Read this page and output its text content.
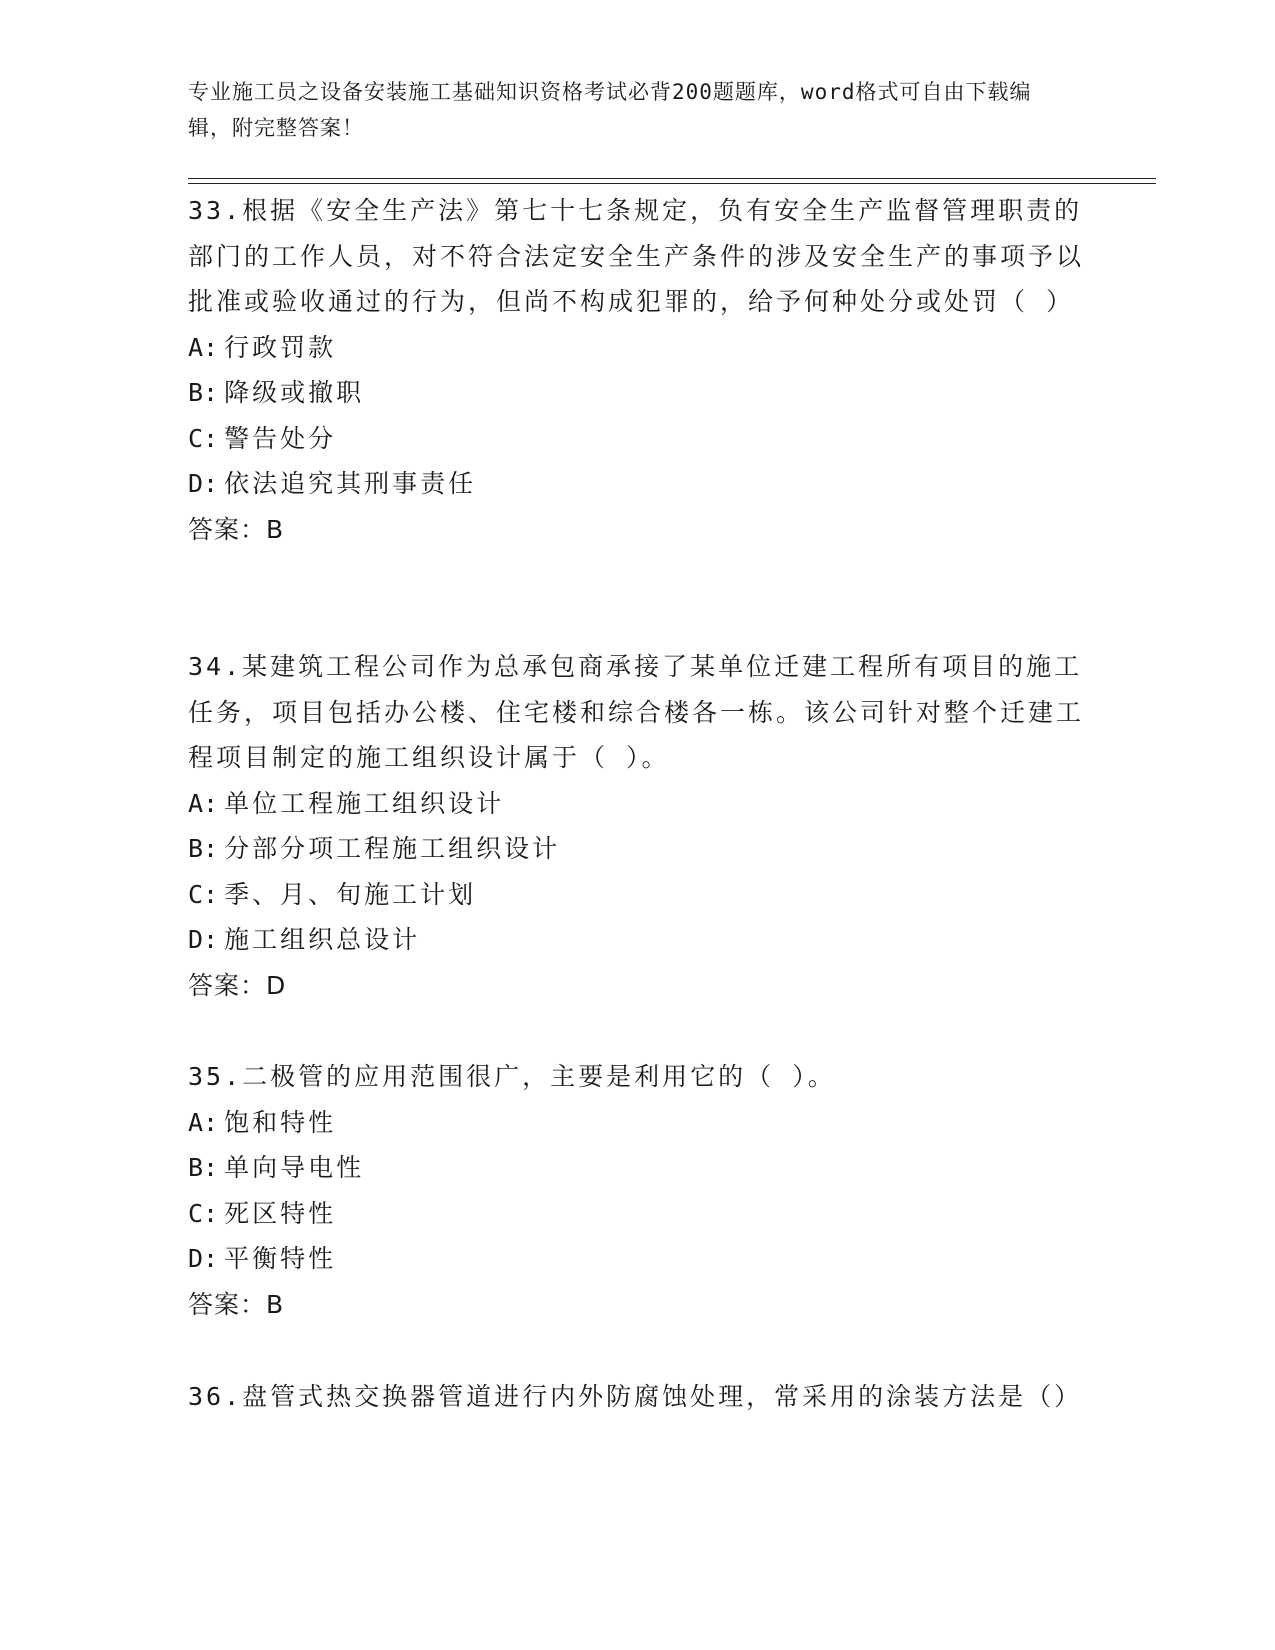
专业施工员之设备安装施工基础知识资格考试必背200题题库，word格式可自由下载编辑，附完整答案！

33.根据《安全生产法》第七十七条规定，负有安全生产监督管理职责的部门的工作人员，对不符合法定安全生产条件的涉及安全生产的事项予以批准或验收通过的行为，但尚不构成犯罪的，给予何种处分或处罚（ ）

A: 行政罚款
B: 降级或撤职
C: 警告处分
D: 依法追究其刑事责任
答案：B

34.某建筑工程公司作为总承包商承接了某单位迁建工程所有项目的施工任务，项目包括办公楼、住宅楼和综合楼各一栋。该公司针对整个迁建工程项目制定的施工组织设计属于（ ）。

A: 单位工程施工组织设计
B: 分部分项工程施工组织设计
C: 季、月、旬施工计划
D: 施工组织总设计
答案：D

35.二极管的应用范围很广，主要是利用它的（ ）。

A: 饱和特性
B: 单向导电性
C: 死区特性
D: 平衡特性
答案：B

36.盘管式热交换器管道进行内外防腐蚀处理，常采用的涂装方法是（）
